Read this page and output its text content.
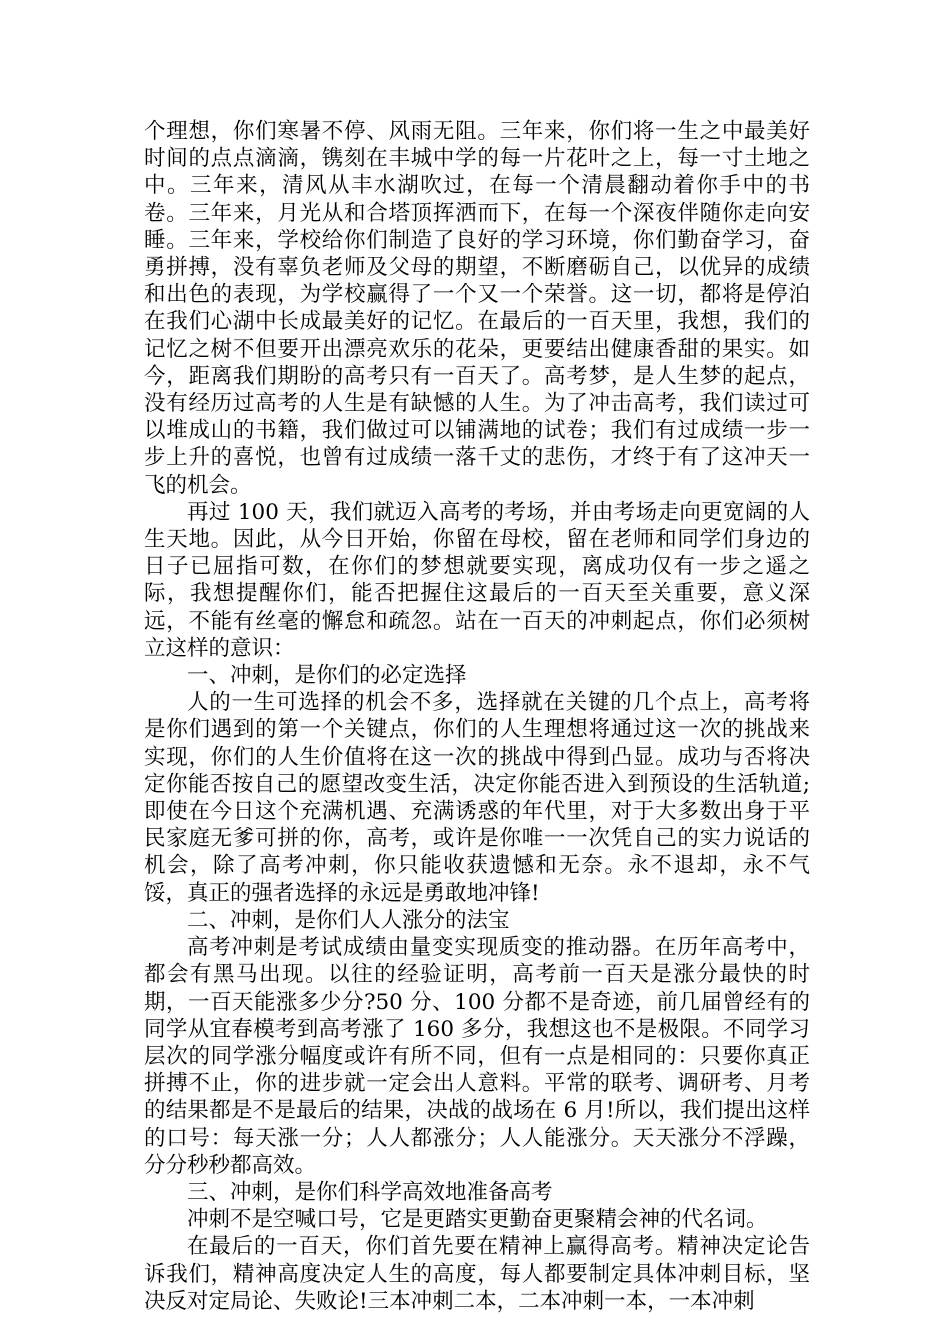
个理想，你们寒暑不停、风雨无阻。三年来，你们将一生之中最美好时间的点点滴滴，镌刻在丰城中学的每一片花叶之上，每一寸土地之中。三年来，清风从丰水湖吹过，在每一个清晨翻动着你手中的书卷。三年来，月光从和合塔顶挥洒而下，在每一个深夜伴随你走向安睡。三年来，学校给你们制造了良好的学习环境，你们勤奋学习，奋勇拼搏，没有辜负老师及父母的期望，不断磨砺自己，以优异的成绩和出色的表现，为学校赢得了一个又一个荣誉。这一切，都将是停泊在我们心湖中长成最美好的记忆。在最后的一百天里，我想，我们的记忆之树不但要开出漂亮欢乐的花朵，更要结出健康香甜的果实。如今，距离我们期盼的高考只有一百天了。高考梦，是人生梦的起点，没有经历过高考的人生是有缺憾的人生。为了冲击高考，我们读过可以堆成山的书籍，我们做过可以铺满地的试卷；我们有过成绩一步一步上升的喜悦，也曾有过成绩一落千丈的悲伤，才终于有了这冲天一飞的机会。

再过 100 天，我们就迈入高考的考场，并由考场走向更宽阔的人生天地。因此，从今日开始，你留在母校，留在老师和同学们身边的日子已屈指可数，在你们的梦想就要实现，离成功仅有一步之遥之际，我想提醒你们，能否把握住这最后的一百天至关重要，意义深远，不能有丝毫的懈怠和疏忽。站在一百天的冲刺起点，你们必须树立这样的意识：

一、冲刺，是你们的必定选择

人的一生可选择的机会不多，选择就在关键的几个点上，高考将是你们遇到的第一个关键点，你们的人生理想将通过这一次的挑战来实现，你们的人生价值将在这一次的挑战中得到凸显。成功与否将决定你能否按自己的愿望改变生活，决定你能否进入到预设的生活轨道;即使在今日这个充满机遇、充满诱惑的年代里，对于大多数出身于平民家庭无爹可拼的你，高考，或许是你唯一一次凭自己的实力说话的机会，除了高考冲刺，你只能收获遗憾和无奈。永不退却，永不气馁，真正的强者选择的永远是勇敢地冲锋!

二、冲刺，是你们人人涨分的法宝

高考冲刺是考试成绩由量变实现质变的推动器。在历年高考中，都会有黑马出现。以往的经验证明，高考前一百天是涨分最快的时期，一百天能涨多少分?50 分、100 分都不是奇迹，前几届曾经有的同学从宜春模考到高考涨了 160 多分，我想这也不是极限。不同学习层次的同学涨分幅度或许有所不同，但有一点是相同的：只要你真正拼搏不止，你的进步就一定会出人意料。平常的联考、调研考、月考的结果都是不是最后的结果，决战的战场在 6 月!所以，我们提出这样的口号：每天涨一分；人人都涨分；人人能涨分。天天涨分不浮躁，分分秒秒都高效。

三、冲刺，是你们科学高效地准备高考

冲刺不是空喊口号，它是更踏实更勤奋更聚精会神的代名词。

在最后的一百天，你们首先要在精神上赢得高考。精神决定论告诉我们，精神高度决定人生的高度，每人都要制定具体冲刺目标，坚决反对定局论、失败论!三本冲刺二本，二本冲刺一本，一本冲刺
